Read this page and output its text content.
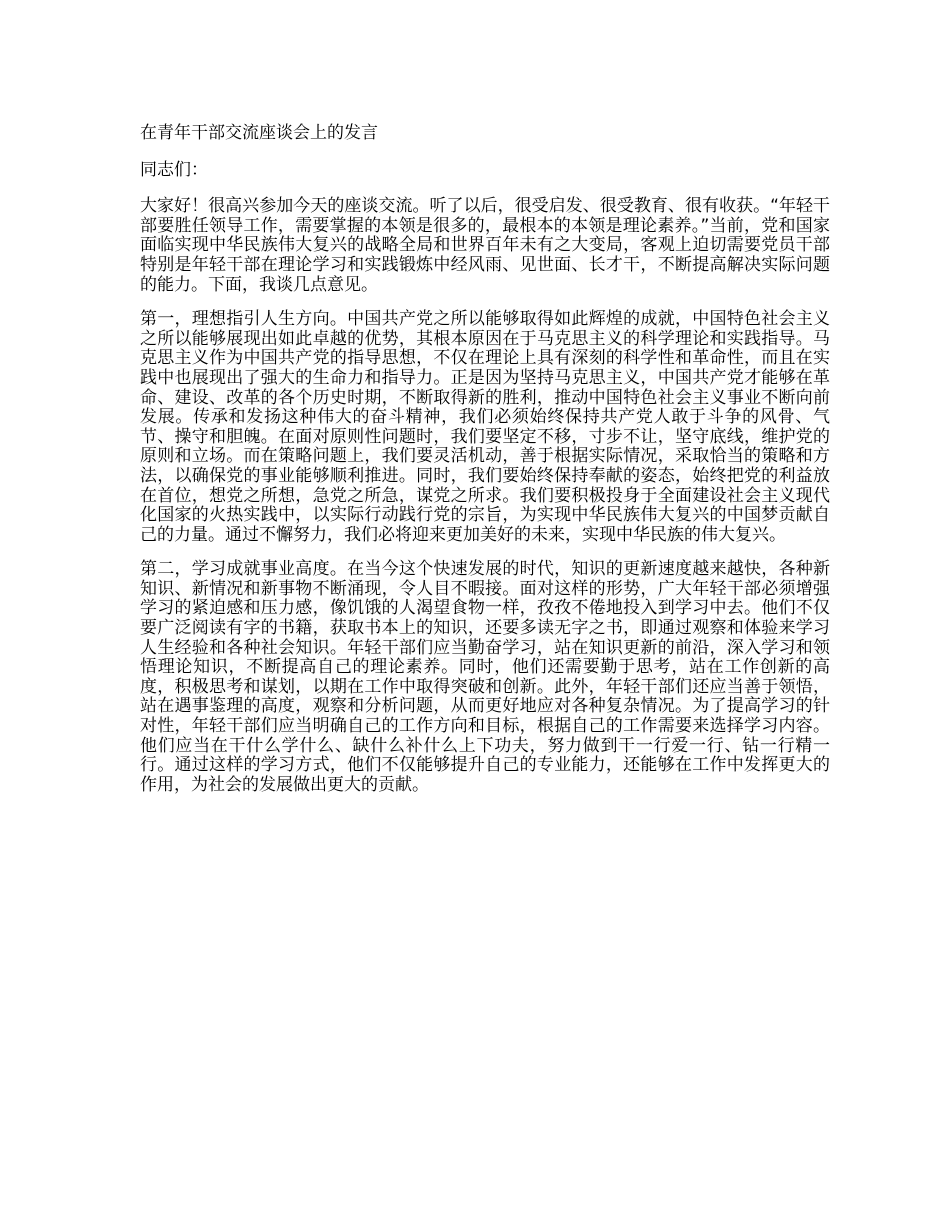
在青年干部交流座谈会上的发言

同志们：

大家好！很高兴参加今天的座谈交流。听了以后，很受启发、很受教育、很有收获。“年轻干部要胜任领导工作，需要掌握的本领是很多的，最根本的本领是理论素养。”当前，党和国家面临实现中华民族伟大复兴的战略全局和世界百年未有之大变局，客观上迫切需要党员干部特别是年轻干部在理论学习和实践锻炼中经风雨、见世面、长才干，不断提高解决实际问题的能力。下面，我谈几点意见。

第一，理想指引人生方向。中国共产党之所以能够取得如此辉煌的成就，中国特色社会主义之所以能够展现出如此卓越的优势，其根本原因在于马克思主义的科学理论和实践指导。马克思主义作为中国共产党的指导思想，不仅在理论上具有深刻的科学性和革命性，而且在实践中也展现出了强大的生命力和指导力。正是因为坚持马克思主义，中国共产党才能够在革命、建设、改革的各个历史时期，不断取得新的胜利，推动中国特色社会主义事业不断向前发展。传承和发扬这种伟大的奋斗精神，我们必须始终保持共产党人敢于斗争的风骨、气节、操守和胆魄。在面对原则性问题时，我们要坚定不移，寸步不让，坚守底线，维护党的原则和立场。而在策略问题上，我们要灵活机动，善于根据实际情况，采取恰当的策略和方法，以确保党的事业能够顺利推进。同时，我们要始终保持奉献的姿态，始终把党的利益放在首位，想党之所想，急党之所急，谋党之所求。我们要积极投身于全面建设社会主义现代化国家的火热实践中，以实际行动践行党的宗旨，为实现中华民族伟大复兴的中国梦贡献自己的力量。通过不懈努力，我们必将迎来更加美好的未来，实现中华民族的伟大复兴。

第二，学习成就事业高度。在当今这个快速发展的时代，知识的更新速度越来越快，各种新知识、新情况和新事物不断涌现，令人目不暇接。面对这样的形势，广大年轻干部必须增强学习的紧迫感和压力感，像饥饿的人渴望食物一样，孜孜不倦地投入到学习中去。他们不仅要广泛阅读有字的书籍，获取书本上的知识，还要多读无字之书，即通过观察和体验来学习人生经验和各种社会知识。年轻干部们应当勤奋学习，站在知识更新的前沿，深入学习和领悟理论知识，不断提高自己的理论素养。同时，他们还需要勤于思考，站在工作创新的高度，积极思考和谋划，以期在工作中取得突破和创新。此外，年轻干部们还应当善于领悟，站在遇事鉴理的高度，观察和分析问题，从而更好地应对各种复杂情况。为了提高学习的针对性，年轻干部们应当明确自己的工作方向和目标，根据自己的工作需要来选择学习内容。他们应当在干什么学什么、缺什么补什么上下功夫，努力做到干一行爱一行、钻一行精一行。通过这样的学习方式，他们不仅能够提升自己的专业能力，还能够在工作中发挥更大的作用，为社会的发展做出更大的贡献。
